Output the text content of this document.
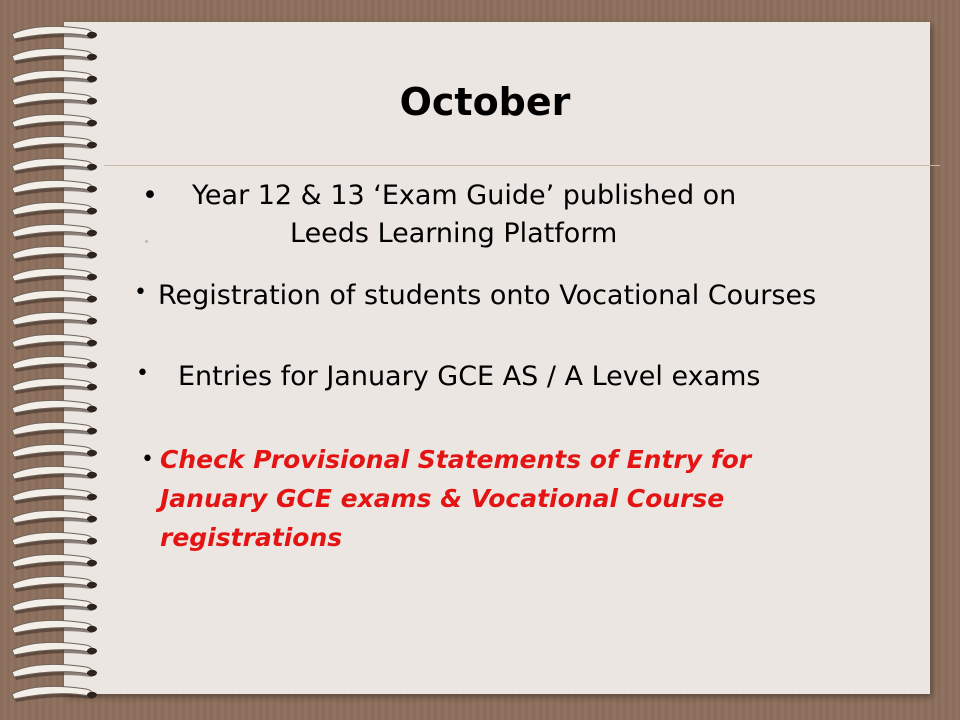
October
• Year 12 & 13 ‘Exam Guide’ published on
Leeds Learning Platform
• Registration of students onto Vocational Courses
• Entries for January GCE AS / A Level exams
• Check Provisional Statements of Entry for
January GCE exams & Vocational Course
registrations
